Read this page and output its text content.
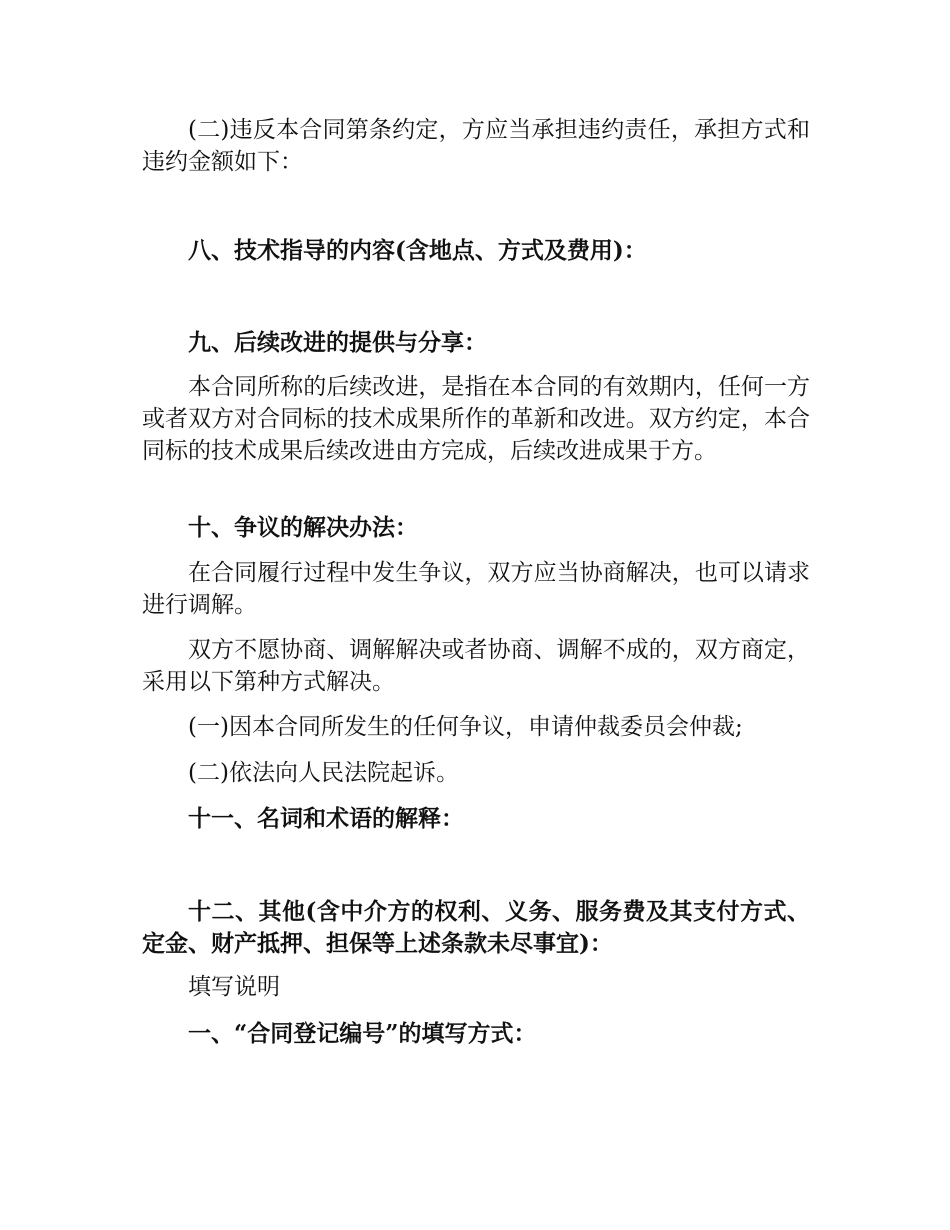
(二)违反本合同第条约定，方应当承担违约责任，承担方式和违约金额如下：

八、技术指导的内容(含地点、方式及费用)：

九、后续改进的提供与分享：

本合同所称的后续改进，是指在本合同的有效期内，任何一方或者双方对合同标的技术成果所作的革新和改进。双方约定，本合同标的技术成果后续改进由方完成，后续改进成果于方。

十、争议的解决办法：

在合同履行过程中发生争议，双方应当协商解决，也可以请求进行调解。

双方不愿协商、调解解决或者协商、调解不成的，双方商定，采用以下第种方式解决。

(一)因本合同所发生的任何争议，申请仲裁委员会仲裁;

(二)依法向人民法院起诉。

十一、名词和术语的解释：

十二、其他(含中介方的权利、义务、服务费及其支付方式、定金、财产抵押、担保等上述条款未尽事宜)：

填写说明

一、“合同登记编号”的填写方式：
